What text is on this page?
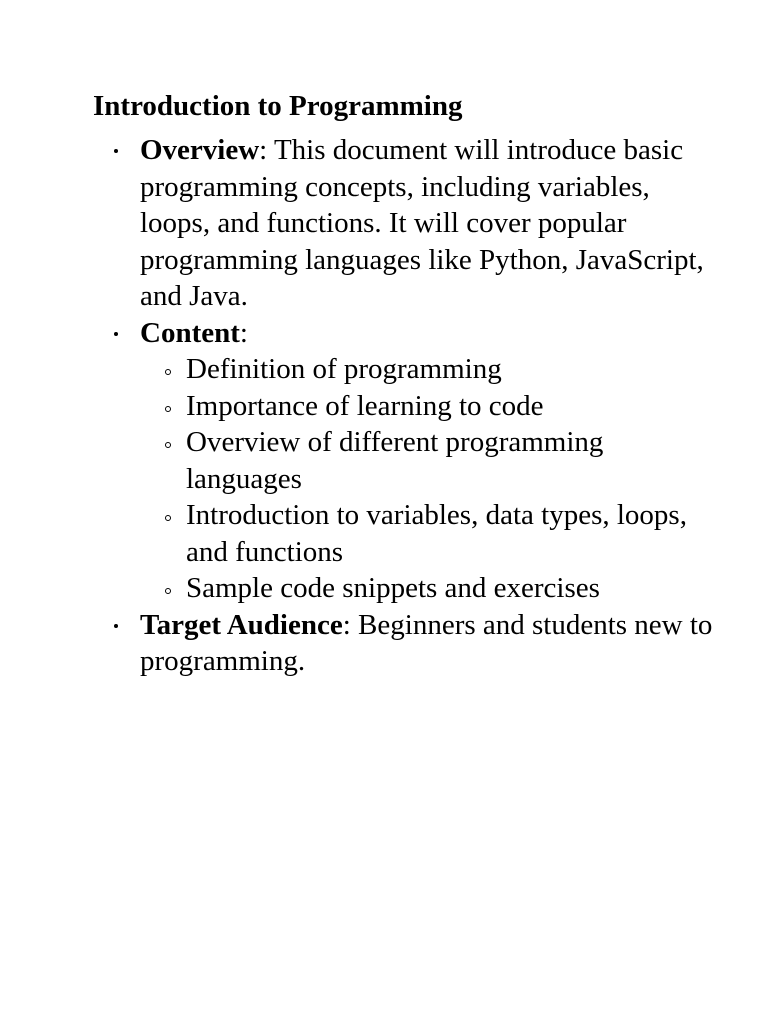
Introduction to Programming
Overview: This document will introduce basic programming concepts, including variables, loops, and functions. It will cover popular programming languages like Python, JavaScript, and Java.
Content:
Definition of programming
Importance of learning to code
Overview of different programming languages
Introduction to variables, data types, loops, and functions
Sample code snippets and exercises
Target Audience: Beginners and students new to programming.
